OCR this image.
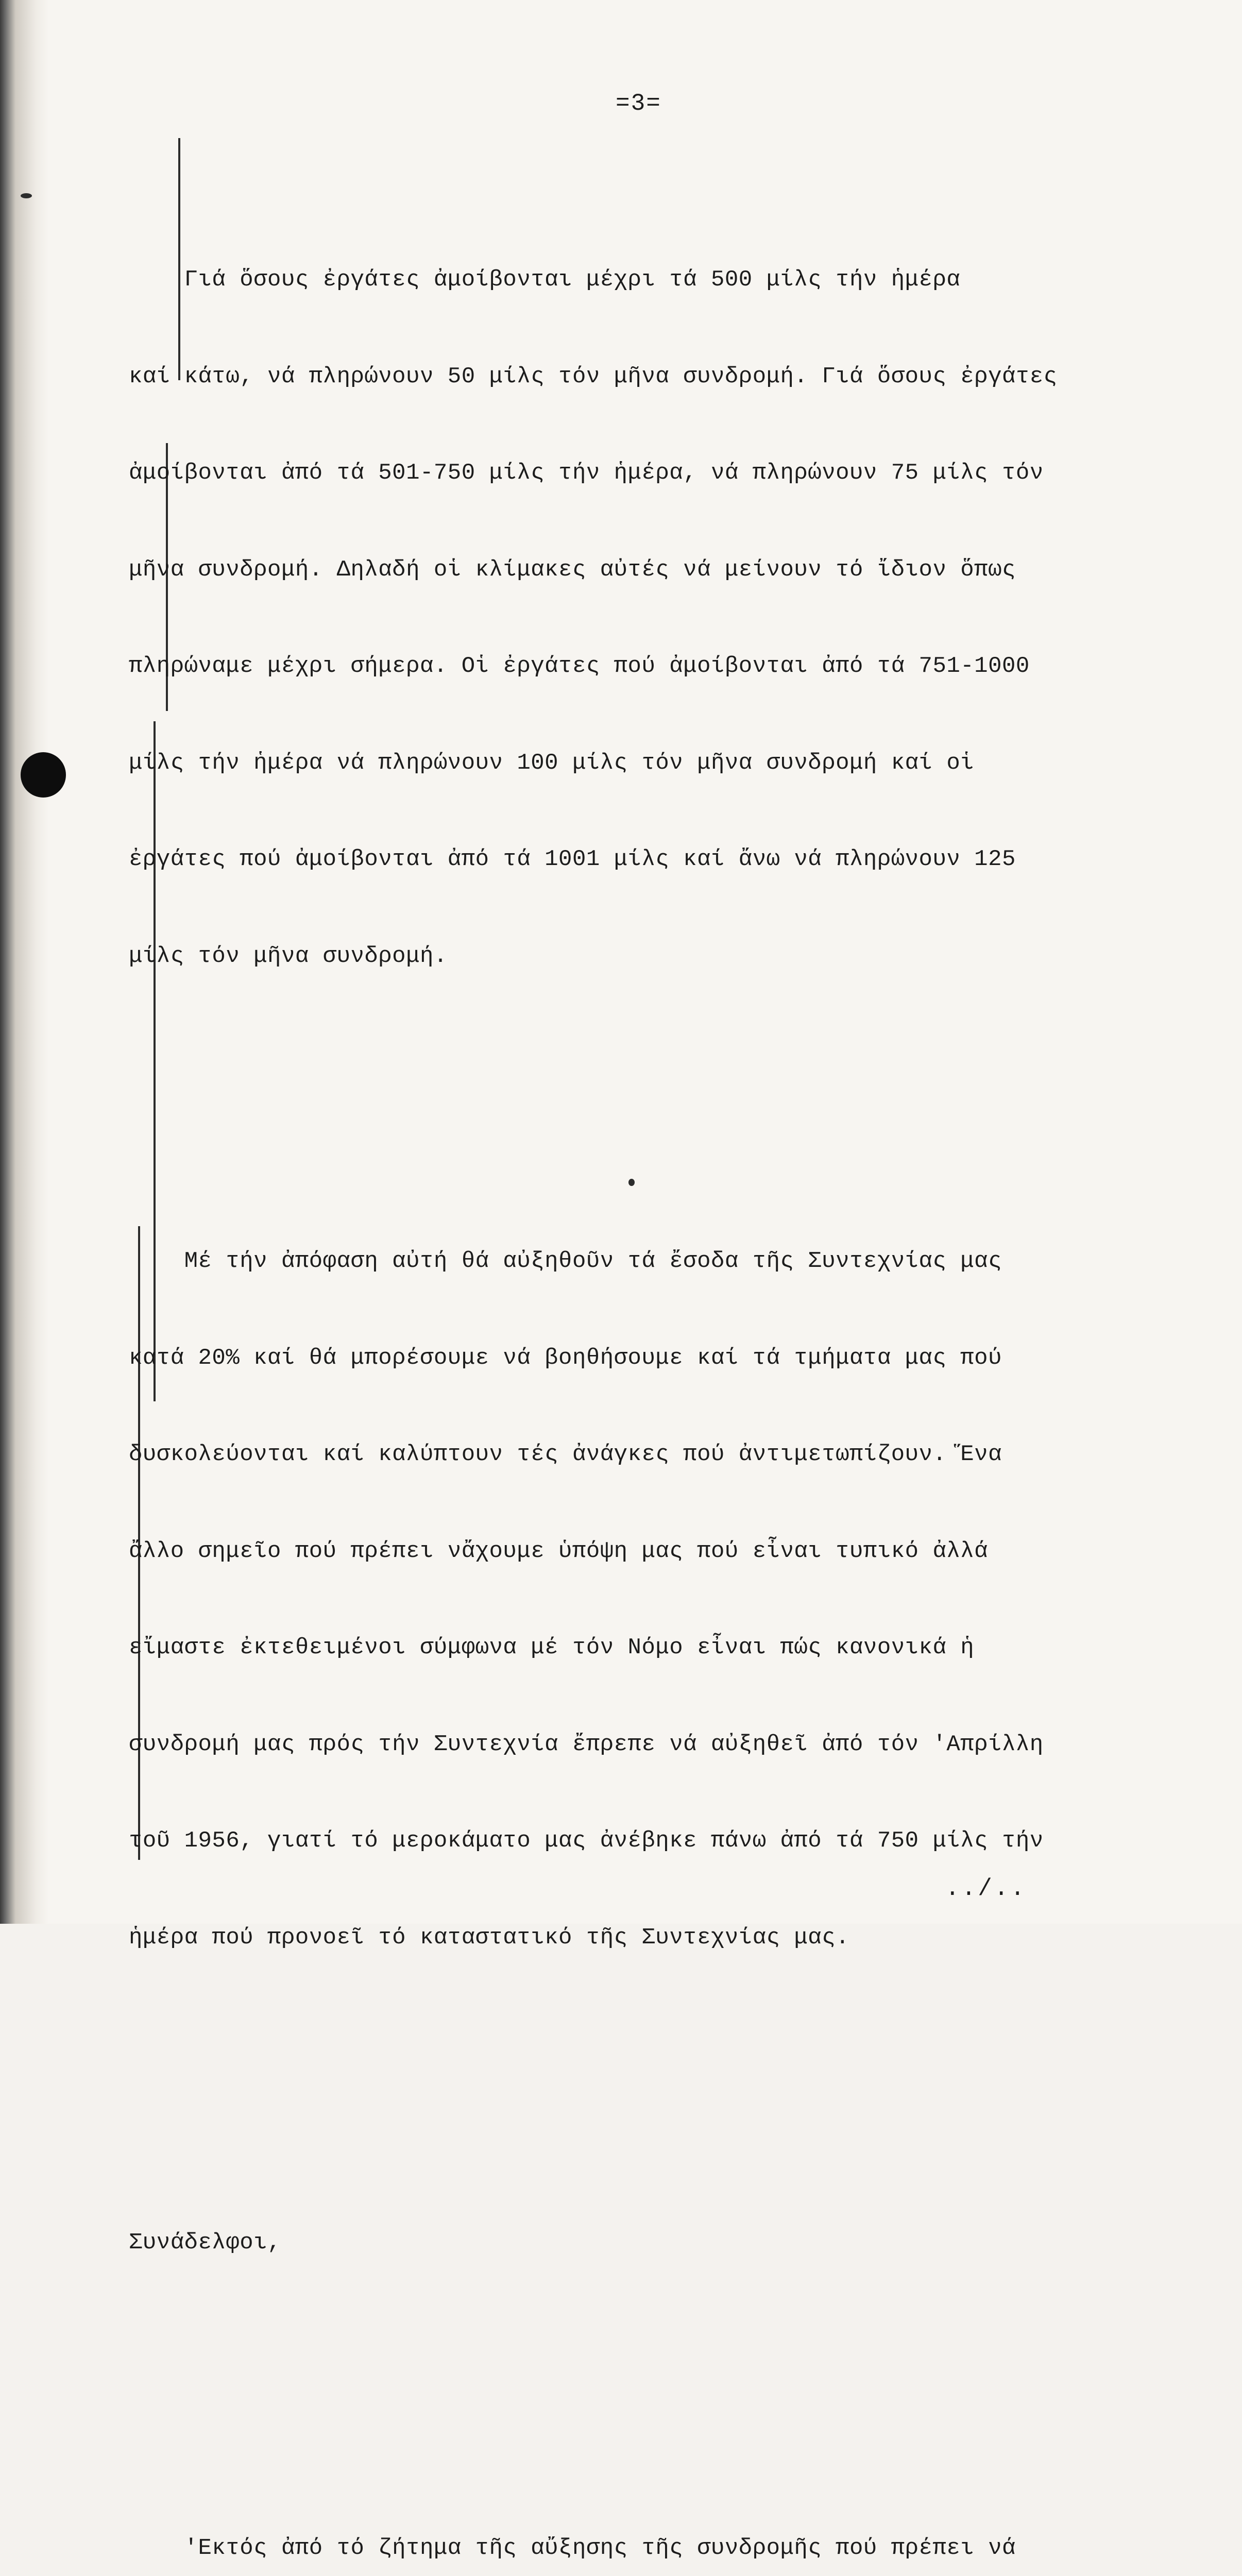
=3=

Γιά ὅσους ἐργάτες ἀμοίβονται μέχρι τά 500 μίλς τήν ἡμέρα

καί κάτω, νά πληρώνουν 50 μίλς τόν μῆνα συνδρομή. Γιά ὅσους ἐργάτες

ἀμοίβονται ἀπό τά 501-750 μίλς τήν ἡμέρα, νά πληρώνουν 75 μίλς τόν

μῆνα συνδρομή. Δηλαδή οἱ κλίμακες αὐτές νά μείνουν τό ἴδιον ὅπως

πληρώναμε μέχρι σήμερα. Οἱ ἐργάτες πού ἀμοίβονται ἀπό τά 751-1000

μίλς τήν ἡμέρα νά πληρώνουν 100 μίλς τόν μῆνα συνδρομή καί οἱ

ἐργάτες πού ἀμοίβονται ἀπό τά 1001 μίλς καί ἄνω νά πληρώνουν 125

μίλς τόν μῆνα συνδρομή.

Μέ τήν ἀπόφαση αὐτή θά αὐξηθοῦν τά ἔσοδα τῆς Συντεχνίας μας

κατά 20% καί θά μπορέσουμε νά βοηθήσουμε καί τά τμήματα μας πού

δυσκολεύονται καί καλύπτουν τές ἀνάγκες πού ἀντιμετωπίζουν. Ἕνα

ἄλλο σημεῖο πού πρέπει νἄχουμε ὑπόψη μας πού εἶναι τυπικό ἀλλά

εἴμαστε ἐκτεθειμένοι σύμφωνα μέ τόν Νόμο εἶναι πώς κανονικά ἡ

συνδρομή μας πρός τήν Συντεχνία ἔπρεπε νά αὐξηθεῖ ἀπό τόν 'Απρίλλη

τοῦ 1956, γιατί τό μεροκάματο μας ἀνέβηκε πάνω ἀπό τά 750 μίλς τήν

ἡμέρα πού προνοεῖ τό καταστατικό τῆς Συντεχνίας μας.

Συνάδελφοι,

'Εκτός ἀπό τό ζήτημα τῆς αὔξησης τῆς συνδρομῆς πού πρέπει νά

../..
